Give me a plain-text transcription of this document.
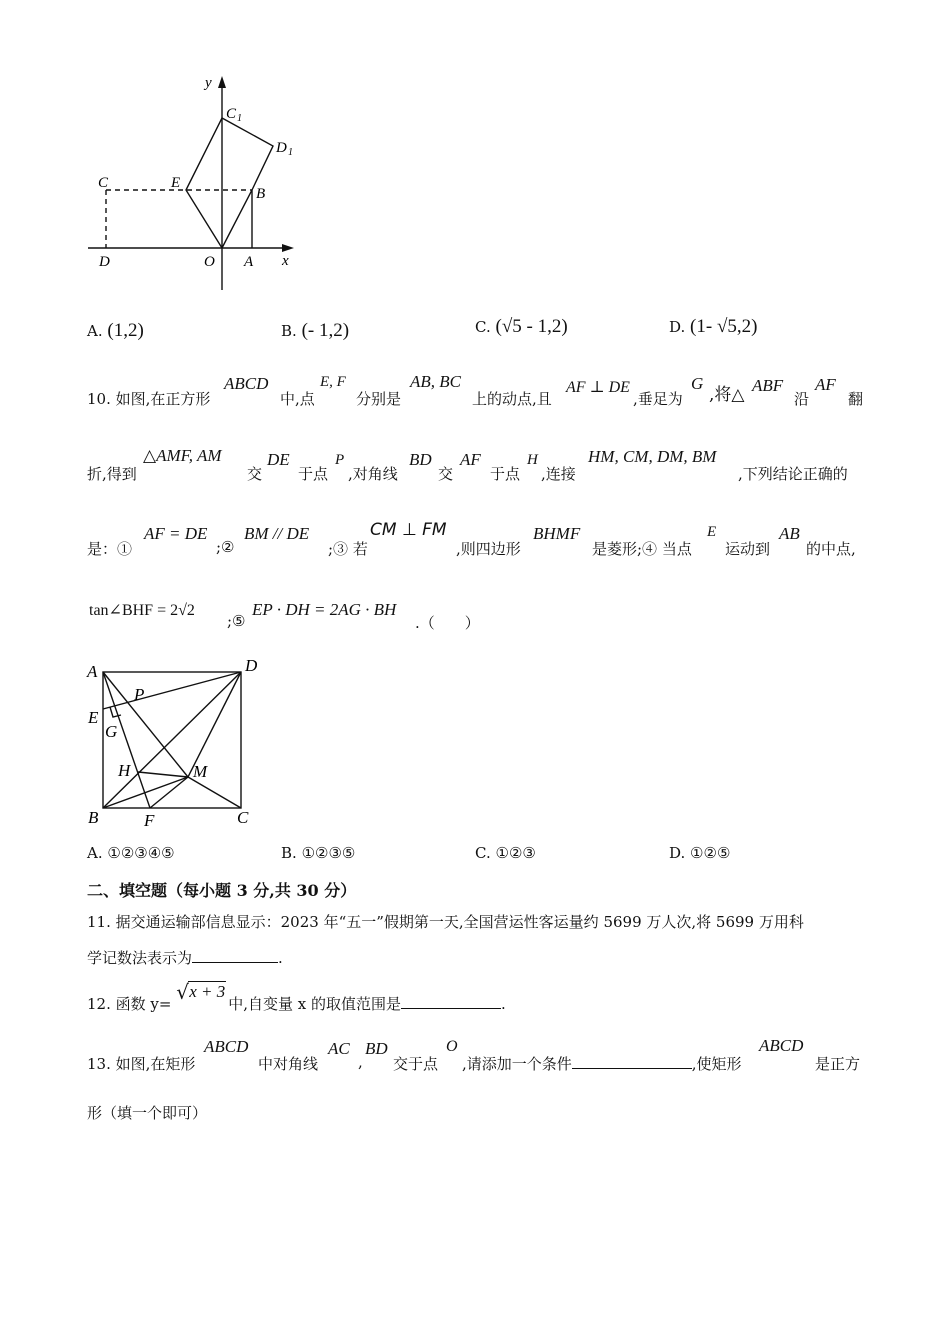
y
x
C 1
D 1
C	E
B
D	O A
A. (1,2)	B. (- 1,2)	C. (√5 - 1,2)	D. (1- √5,2)
10. 如图,在正方形
ABCD
中,点
E, F
分别是
AB, BC
上的动点,且
AF ⊥ DE
,垂足为
G
,将△ ABF
沿
AF
翻
折,得到
△AMF, AM
交
DE
于点
P
,对角线
BD
交
AF
于点
H
,连接
HM, CM, DM, BM
,下列结论正确的
是：①
AF = DE
;②
BM // DE
;③ 若
CM ⊥ FM
,则四边形
BHMF
是菱形;④ 当点
E
运动到
AB
的中点,
tan∠BHF = 2√2
;⑤
EP · DH = 2AG · BH
.（　　）
A	D
P
E
G
H	M
B	F	C
A. ①②③④⑤	B. ①②③⑤	C. ①②③	D. ①②⑤
二、填空题（每小题 3 分,共 30 分）
11. 据交通运输部信息显示：2023 年“五一”假期第一天,全国营运性客运量约 5699 万人次,将 5699 万用科
学记数法表示为	.
12. 函数 y= √ x + 3中,自变量 x 的取值范围是	.
13. 如图,在矩形
ABCD
中对角线
AC
,
BD
交于点
O
,请添加一个条件	,使矩形
ABCD
是正方
形（填一个即可）
